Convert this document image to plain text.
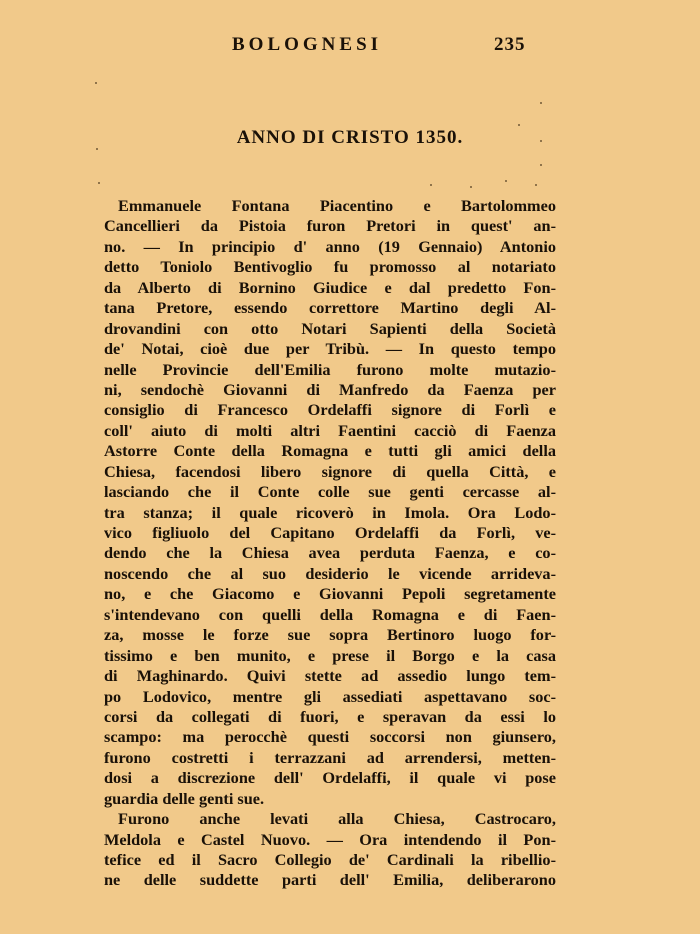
BOLOGNESI	235
ANNO DI CRISTO 1350.
Emmanuele Fontana Piacentino e Bartolommeo
Cancellieri da Pistoia furon Pretori in quest' an-
no. — In principio d' anno (19 Gennaio) Antonio
detto Toniolo Bentivoglio fu promosso al notariato
da Alberto di Bornino Giudice e dal predetto Fon-
tana Pretore, essendo correttore Martino degli Al-
drovandini con otto Notari Sapienti della Società
de' Notai, cioè due per Tribù. — In questo tempo
nelle Provincie dell'Emilia furono molte mutazio-
ni, sendochè Giovanni di Manfredo da Faenza per
consiglio di Francesco Ordelaffi signore di Forlì e
coll' aiuto di molti altri Faentini cacciò di Faenza
Astorre Conte della Romagna e tutti gli amici della
Chiesa, facendosi libero signore di quella Città, e
lasciando che il Conte colle sue genti cercasse al-
tra stanza; il quale ricoverò in Imola. Ora Lodo-
vico figliuolo del Capitano Ordelaffi da Forlì, ve-
dendo che la Chiesa avea perduta Faenza, e co-
noscendo che al suo desiderio le vicende arrideva-
no, e che Giacomo e Giovanni Pepoli segretamente
s'intendevano con quelli della Romagna e di Faen-
za, mosse le forze sue sopra Bertinoro luogo for-
tissimo e ben munito, e prese il Borgo e la casa
di Maghinardo. Quivi stette ad assedio lungo tem-
po Lodovico, mentre gli assediati aspettavano soc-
corsi da collegati di fuori, e speravan da essi lo
scampo: ma perocchè questi soccorsi non giunsero,
furono costretti i terrazzani ad arrendersi, metten-
dosi a discrezione dell' Ordelaffi, il quale vi pose
guardia delle genti sue.
Furono anche levati alla Chiesa, Castrocaro,
Meldola e Castel Nuovo. — Ora intendendo il Pon-
tefice ed il Sacro Collegio de' Cardinali la ribellio-
ne delle suddette parti dell' Emilia, deliberarono
